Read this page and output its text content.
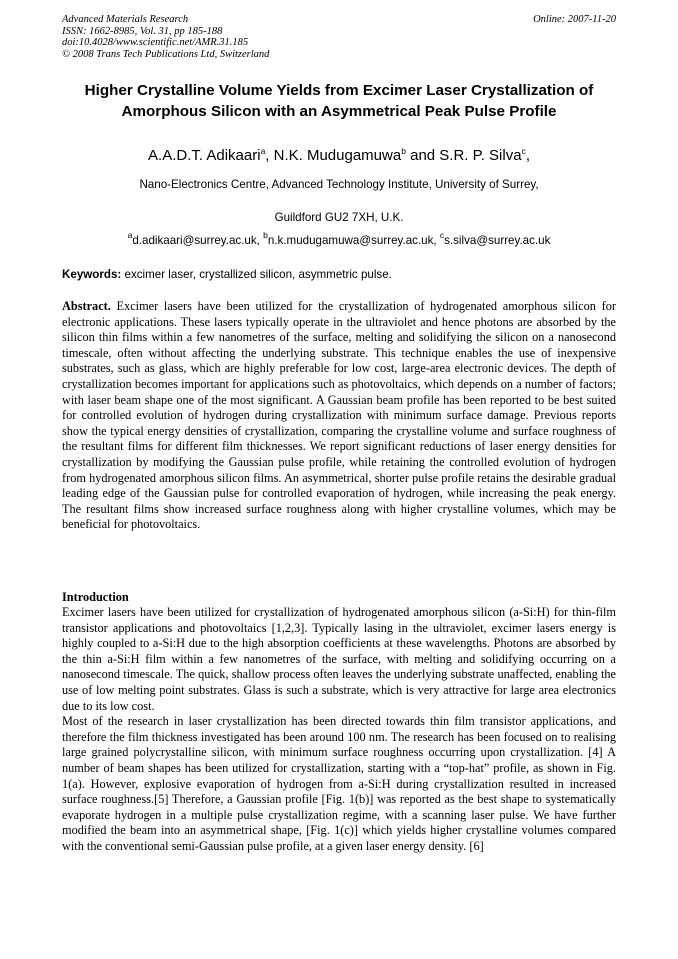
Advanced Materials Research
ISSN: 1662-8985, Vol. 31, pp 185-188
doi:10.4028/www.scientific.net/AMR.31.185
© 2008 Trans Tech Publications Ltd, Switzerland
Online: 2007-11-20
Higher Crystalline Volume Yields from Excimer Laser Crystallization of
Amorphous Silicon with an Asymmetrical Peak Pulse Profile
A.A.D.T. Adikaari$^a$, N.K. Mudugamuwa$^b$ and S.R. P. Silva$^c$,
Nano-Electronics Centre, Advanced Technology Institute, University of Surrey,
Guildford GU2 7XH, U.K.
$^a$d.adikaari@surrey.ac.uk, $^b$n.k.mudugamuwa@surrey.ac.uk, $^c$s.silva@surrey.ac.uk
Keywords: excimer laser, crystallized silicon, asymmetric pulse.
Abstract. Excimer lasers have been utilized for the crystallization of hydrogenated amorphous silicon for electronic applications. These lasers typically operate in the ultraviolet and hence photons are absorbed by the silicon thin films within a few nanometres of the surface, melting and solidifying the silicon on a nanosecond timescale, often without affecting the underlying substrate. This technique enables the use of inexpensive substrates, such as glass, which are highly preferable for low cost, large-area electronic devices. The depth of crystallization becomes important for applications such as photovoltaics, which depends on a number of factors; with laser beam shape one of the most significant. A Gaussian beam profile has been reported to be best suited for controlled evolution of hydrogen during crystallization with minimum surface damage. Previous reports show the typical energy densities of crystallization, comparing the crystalline volume and surface roughness of the resultant films for different film thicknesses. We report significant reductions of laser energy densities for crystallization by modifying the Gaussian pulse profile, while retaining the controlled evolution of hydrogen from hydrogenated amorphous silicon films. An asymmetrical, shorter pulse profile retains the desirable gradual leading edge of the Gaussian pulse for controlled evaporation of hydrogen, while increasing the peak energy. The resultant films show increased surface roughness along with higher crystalline volumes, which may be beneficial for photovoltaics.
Introduction

Excimer lasers have been utilized for crystallization of hydrogenated amorphous silicon (a-Si:H) for thin-film transistor applications and photovoltaics [1,2,3]. Typically lasing in the ultraviolet, excimer lasers energy is highly coupled to a-Si:H due to the high absorption coefficients at these wavelengths. Photons are absorbed by the thin a-Si:H film within a few nanometres of the surface, with melting and solidifying occurring on a nanosecond timescale. The quick, shallow process often leaves the underlying substrate unaffected, enabling the use of low melting point substrates. Glass is such a substrate, which is very attractive for large area electronics due to its low cost.

Most of the research in laser crystallization has been directed towards thin film transistor applications, and therefore the film thickness investigated has been around 100 nm. The research has been focused on to realising large grained polycrystalline silicon, with minimum surface roughness occurring upon crystallization. [4] A number of beam shapes has been utilized for crystallization, starting with a “top-hat” profile, as shown in Fig. 1(a). However, explosive evaporation of hydrogen from a-Si:H during crystallization resulted in increased surface roughness.[5] Therefore, a Gaussian profile [Fig. 1(b)] was reported as the best shape to systematically evaporate hydrogen in a multiple pulse crystallization regime, with a scanning laser pulse. We have further modified the beam into an asymmetrical shape, [Fig. 1(c)] which yields higher crystalline volumes compared with the conventional semi-Gaussian pulse profile, at a given laser energy density. [6]
